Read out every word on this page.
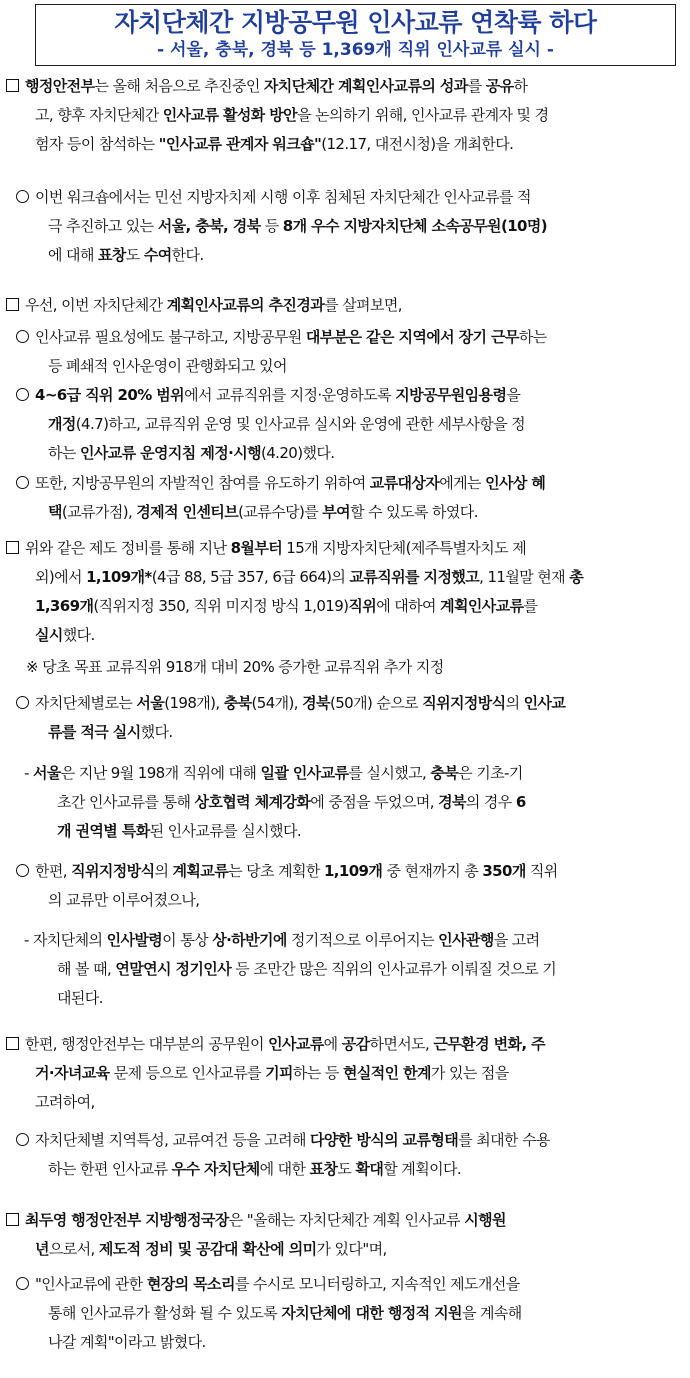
자치단체간 지방공무원 인사교류 연착륙 하다
- 서울, 충북, 경북 등 1,369개 직위 인사교류 실시 -
행정안전부는 올해 처음으로 추진중인 자치단체간 계획인사교류의 성과를 공유하
고, 향후 자치단체간 인사교류 활성화 방안을 논의하기 위해, 인사교류 관계자 및 경
험자 등이 참석하는 "인사교류 관계자 워크숍"(12.17, 대전시청)을 개최한다.
이번 워크숍에서는 민선 지방자치제 시행 이후 침체된 자치단체간 인사교류를 적
극 추진하고 있는 서울, 충북, 경북 등 8개 우수 지방자치단체 소속공무원(10명)
에 대해 표창도 수여한다.
우선, 이번 자치단체간 계획인사교류의 추진경과를 살펴보면,
인사교류 필요성에도 불구하고, 지방공무원 대부분은 같은 지역에서 장기 근무하는
등 폐쇄적 인사운영이 관행화되고 있어
4~6급 직위 20% 범위에서 교류직위를 지정·운영하도록 지방공무원임용령을
개정(4.7)하고, 교류직위 운영 및 인사교류 실시와 운영에 관한 세부사항을 정
하는 인사교류 운영지침 제정·시행(4.20)했다.
또한, 지방공무원의 자발적인 참여를 유도하기 위하여 교류대상자에게는 인사상 혜
택(교류가점), 경제적 인센티브(교류수당)를 부여할 수 있도록 하였다.
위와 같은 제도 정비를 통해 지난 8월부터 15개 지방자치단체(제주특별자치도 제
외)에서 1,109개*(4급 88, 5급 357, 6급 664)의 교류직위를 지정했고, 11월말 현재 총
1,369개(직위지정 350, 직위 미지정 방식 1,019)직위에 대하여 계획인사교류를
실시했다.
※ 당초 목표 교류직위 918개 대비 20% 증가한 교류직위 추가 지정
자치단체별로는 서울(198개), 충북(54개), 경북(50개) 순으로 직위지정방식의 인사교
류를 적극 실시했다.
- 서울은 지난 9월 198개 직위에 대해 일괄 인사교류를 실시했고, 충북은 기초-기
초간 인사교류를 통해 상호협력 체계강화에 중점을 두었으며, 경북의 경우 6
개 권역별 특화된 인사교류를 실시했다.
한편, 직위지정방식의 계획교류는 당초 계획한 1,109개 중 현재까지 총 350개 직위
의 교류만 이루어졌으나,
- 자치단체의 인사발령이 통상 상·하반기에 정기적으로 이루어지는 인사관행을 고려
해 볼 때, 연말연시 정기인사 등 조만간 많은 직위의 인사교류가 이뤄질 것으로 기
대된다.
한편, 행정안전부는 대부분의 공무원이 인사교류에 공감하면서도, 근무환경 변화, 주
거·자녀교육 문제 등으로 인사교류를 기피하는 등 현실적인 한계가 있는 점을
고려하여,
자치단체별 지역특성, 교류여건 등을 고려해 다양한 방식의 교류형태를 최대한 수용
하는 한편 인사교류 우수 자치단체에 대한 표창도 확대할 계획이다.
최두영 행정안전부 지방행정국장은 "올해는 자치단체간 계획 인사교류 시행원
년으로서, 제도적 정비 및 공감대 확산에 의미가 있다"며,
"인사교류에 관한 현장의 목소리를 수시로 모니터링하고, 지속적인 제도개선을
통해 인사교류가 활성화 될 수 있도록 자치단체에 대한 행정적 지원을 계속해
나갈 계획"이라고 밝혔다.
